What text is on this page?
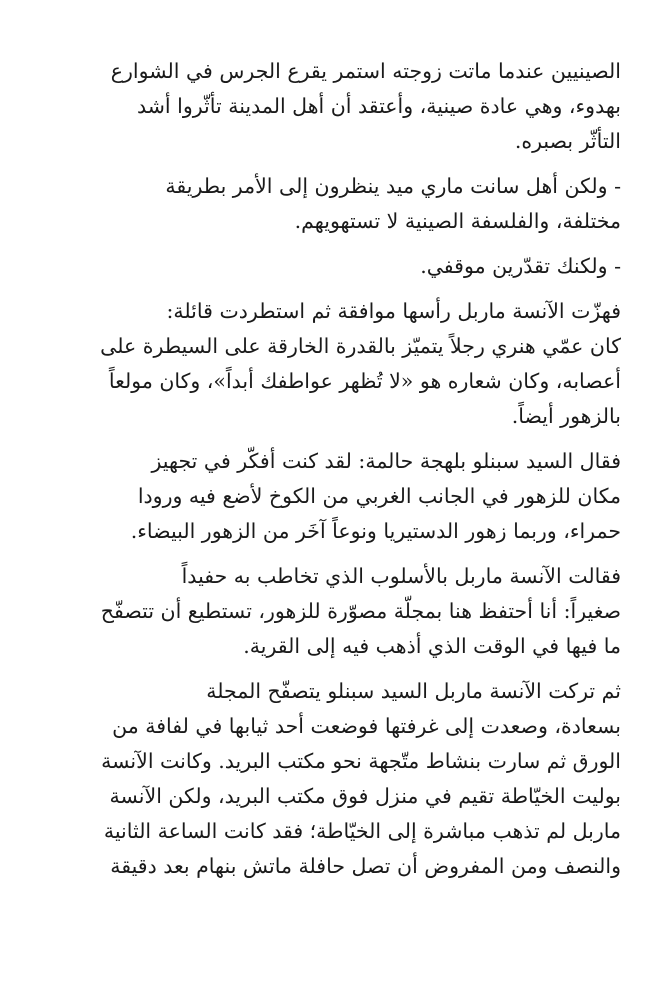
الصينيين عندما ماتت زوجته استمر يقرع الجرس في الشوارع
بهدوء، وهي عادة صينية، وأعتقد أن أهل المدينة تأثّروا أشد
التأثّر بصبره.

- ولكن أهل سانت ماري ميد ينظرون إلى الأمر بطريقة
مختلفة، والفلسفة الصينية لا تستهويهم.

- ولكنك تقدّرين موقفي.

فهزّت الآنسة ماربل رأسها موافقة ثم استطردت قائلة:
كان عمّي هنري رجلاً يتميّز بالقدرة الخارقة على السيطرة على
أعصابه، وكان شعاره هو «لا تُظهر عواطفك أبداً»، وكان مولعاً
بالزهور أيضاً.

فقال السيد سبنلو بلهجة حالمة: لقد كنت أفكّر في تجهيز
مكان للزهور في الجانب الغربي من الكوخ لأضع فيه ورودا
حمراء، وربما زهور الدستيريا ونوعاً آخَر من الزهور البيضاء.

فقالت الآنسة ماربل بالأسلوب الذي تخاطب به حفيداً
صغيراً: أنا أحتفظ هنا بمجلّة مصوّرة للزهور، تستطيع أن تتصفّح
ما فيها في الوقت الذي أذهب فيه إلى القرية.

ثم تركت الآنسة ماربل السيد سبنلو يتصفّح المجلة
بسعادة، وصعدت إلى غرفتها فوضعت أحد ثيابها في لفافة من
الورق ثم سارت بنشاط متّجهة نحو مكتب البريد. وكانت الآنسة
بوليت الخيّاطة تقيم في منزل فوق مكتب البريد، ولكن الآنسة
ماربل لم تذهب مباشرة إلى الخيّاطة؛ فقد كانت الساعة الثانية
والنصف ومن المفروض أن تصل حافلة ماتش بنهام بعد دقيقة
